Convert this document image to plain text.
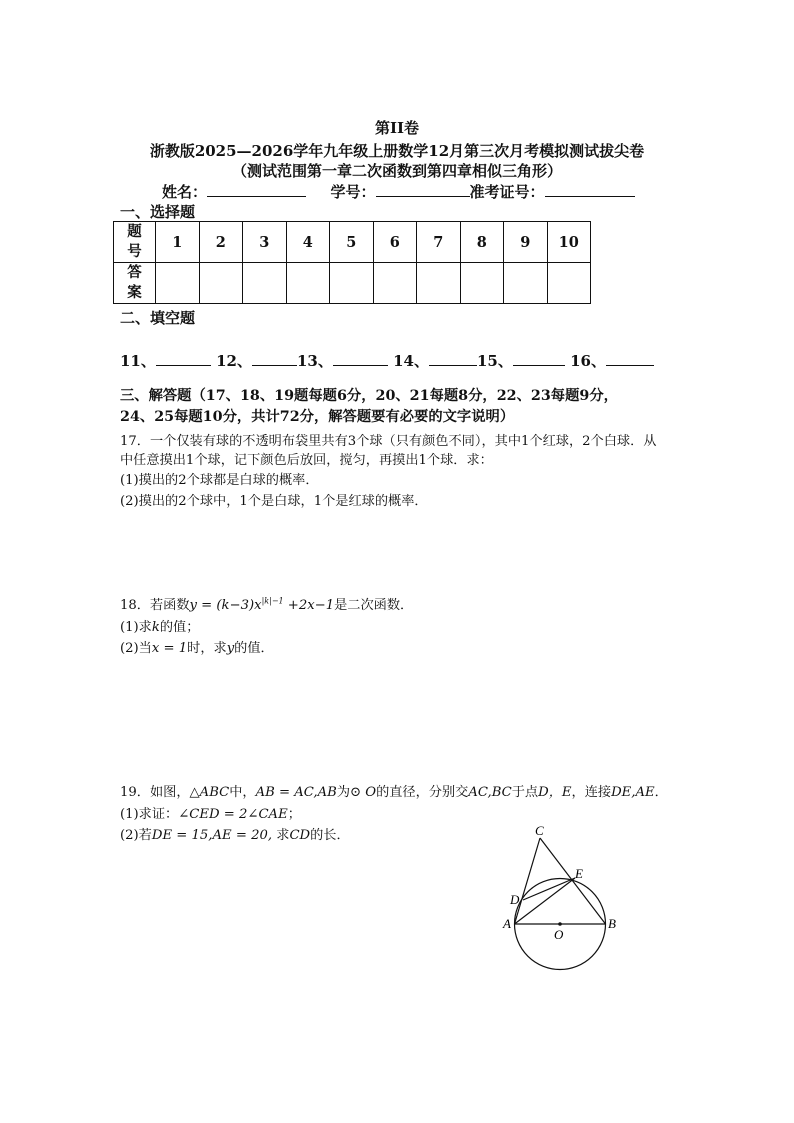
第II卷
浙教版2025—2026学年九年级上册数学12月第三次月考模拟测试拔尖卷
（测试范围第一章二次函数到第四章相似三角形）
姓名：	学号：	准考证号：
一、选择题
题
号	1	2	3	4	5	6	7	8	9	10

答
案										

二、填空题
11、	12、	13、	14、	15、	16、
三、解答题（17、18、19题每题6分，20、21每题8分，22、23每题9分，
24、25每题10分，共计72分，解答题要有必要的文字说明）
17．一个仅装有球的不透明布袋里共有3个球（只有颜色不同），其中1个红球，2个白球．从
中任意摸出1个球，记下颜色后放回，搅匀，再摸出1个球．求：
(1)摸出的2个球都是白球的概率．
(2)摸出的2个球中，1个是白球，1个是红球的概率．
18．若函数$y = (k-3)x^{|k|-1} +2x-1$是二次函数．
(1)求k的值；
(2)当x = 1时，求y的值．
19．如图，△ABC中，AB = AC,AB为⊙ O的直径，分别交AC,BC于点D，E，连接DE,AE．
(1)求证：∠CED = 2∠CAE；
(2)若DE = 15,AE = 20, 求CD的长．	C
E
D
A	B
O
